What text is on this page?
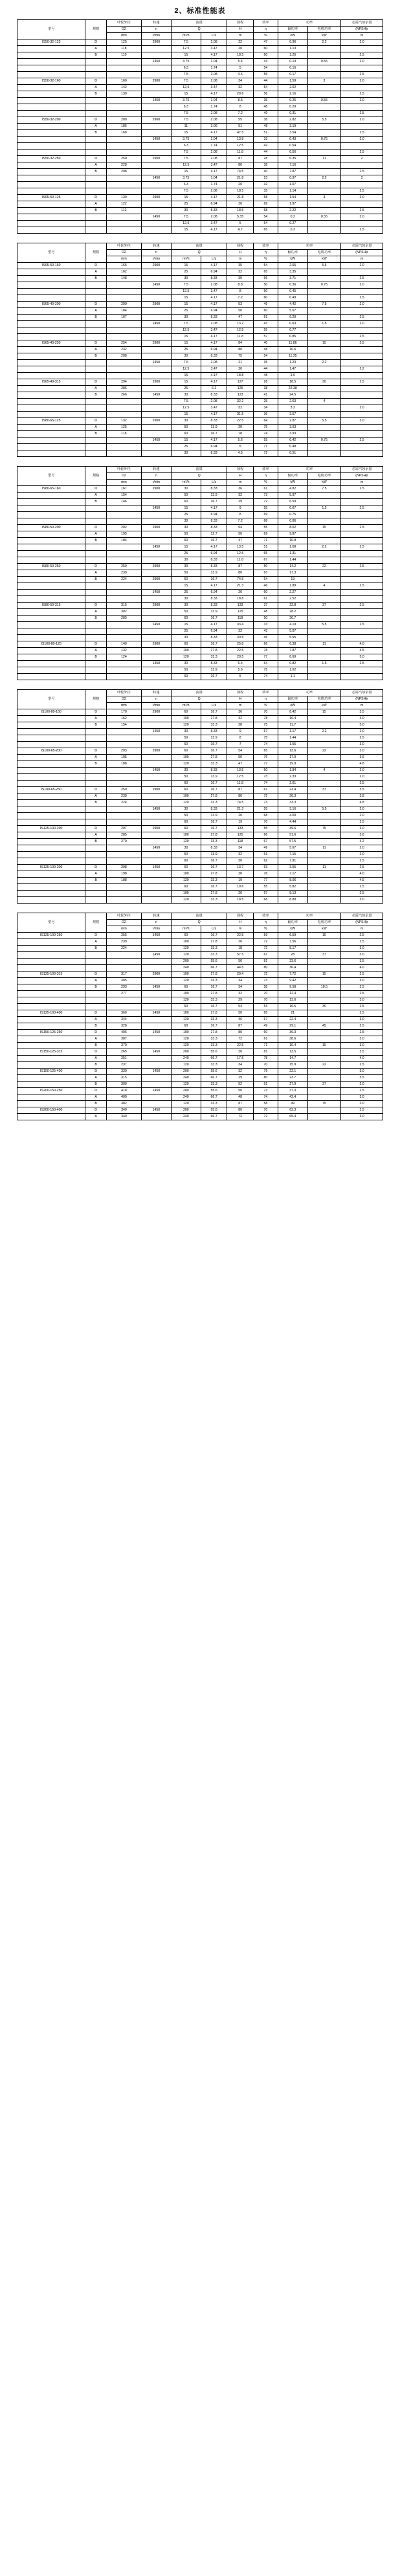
2、标准性能表
型号	规格	叶轮外径	转速	流量		扬程	效率	功率		必需汽蚀余量
		D2	n	Q		H	η	轴功率	电机功率	(NPSH)r
		mm	r/min	m³/h	L/s	m	%	kW	kW	m
IS50-32-125	D	125	2900	7.5	2.08	22	47	0.96	2.2	2.0
	A	118		12.5	3.47	20	60	1.13		
	B	110		15	4.17	18.5	60	1.26		2.5
			1450	3.75	1.04	5.4	43	0.13	0.55	2.0
				6.3	1.74	5	54	0.16		
				7.5	2.08	4.6	55	0.17		2.5
IS50-32-160	D	160	2900	7.5	2.08	34	44	1.59	3	2.0
	A	142		12.5	3.47	32	54	2.02		
	B	130		15	4.17	29.6	56	2.16		2.5
			1450	3.75	1.04	8.5	35	0.25	0.55	2.0
				6.3	1.74	8	48	0.29		
				7.5	2.08	7.2	49	0.31		2.5
IS50-32-200	D	200	2900	7.5	2.08	55	38	2.82	5.5	2.0
	A	186		11	3.06	51	48	3.19		
	B	168		15	4.17	47.5	51	3.54		2.5
			1450	3.75	1.04	13.8	33	0.43	0.75	2.0
				6.3	1.74	12.5	42	0.54		
				7.5	2.08	11.8	44	0.56		2.5
IS50-32-250	D	250	2900	7.5	2.08	87	28	6.35	11	2
	A	228		12.5	3.47	80	38	7.16		
	B	208		15	4.17	74.5	40	7.87		2.5
			1450	3.75	1.04	21.8	23	0.97	2.2	2
				6.3	1.74	20	32	1.07		
				7.5	2.08	18.5	35	1.14		2.5
IS65-50-125	D	130	2900	15	4.17	21.8	58	1.54	3	2.0
	A	122		25	6.94	20	69	1.97		
	B	112		30	8.33	18.5	68	2.22		2.5
			1450	7.5	2.08	5.35	54	0.2	0.55	2.0
				12.5	3.47	5	64	0.27		
				15	4.17	4.7	65	0.3		2.5
型号	规格	叶轮外径	转速	流量		扬程	效率	功率		必需汽蚀余量
		D2	n	Q		H	η	轴功率	电机功率	(NPSH)r
		mm	r/min	m³/h	L/s	m	%	kW	kW	m
IS65-50-160	D	165	2900	15	4.17	35	54	2.65	5.5	2.0
	A	162		25	6.94	32	65	3.35		
	B	148		30	8.33	30	66	3.71		2.5
			1450	7.5	2.08	8.8	50	0.36	0.75	2.0
				12.5	3.47	8	60	0.45		
				15	4.17	7.2	60	0.49		2.5
IS65-40-200	D	200	2900	15	4.17	53	49	4.42	7.5	2.0
	A	184		25	6.94	50	60	5.67		
	B	167		30	8.33	47	61	6.29		2.5
			1450	7.5	2.08	13.2	43	0.63	1.5	2.0
				12.5	3.47	12.5	55	0.77		
				15	4.17	11.8	57	0.85		2.5
IS65-40-250	D	254	2900	15	4.17	84	40	11.86	15	2.5
	A	232		25	6.94	80	48	10.6		
	B	208		30	8.33	75	54	11.35		
			1450	7.5	2.08	21	35	1.23	2.2	
				12.5	3.47	20	44	1.47		2.2
				15	4.17	18.8	48	1.6		
IS65-40-315	D	294	2900	15	4.17	127	28	18.5	30	2.5
	A	286		25	6.2	125	38	22.38		
	B	266	1450	30	8.33	123	41	24.5		
				7.5	2.08	32.2	25	2.63	4	
				12.5	3.47	32	34	3.2		2.0
				15	4.17	31.5	36	3.57		
IS80-65-125	D	132	2900	30	8.33	22.5	64	2.87	5.5	3.0
	A	125		50	13.9	20	75	3.63		
	B	118		60	16.7	18	74	3.93		
			1450	15	4.17	5.6	55	0.42	0.75	2.5
				25	6.94	5	71	0.48		
				30	8.33	4.5	72	0.51		
型号	规格	叶轮外径	转速	流量		扬程	效率	功率		必需汽蚀余量
		D2	n	Q		H	η	轴功率	电机功率	(NPSH)r
		mm	r/min	m³/h	L/s	m	%	kW	kW	m
IS80-65-160	D	167	2900	30	8.33	36	61	4.82	7.5	2.5
	A	154		50	13.9	32	73	5.97		
	B	146		60	16.7	29	72	6.59		
			1450	15	4.17	9	55	0.67	1.5	2.5
				25	6.94	8	69	0.75		
				30	8.33	7.2	68	0.86		
IS80-50-200	D	202	2900	30	8.33	54	55	8.02	15	2.5
	A	195		50	12.7	50	69	9.87		
	B	184		60	16.7	47	71	10.8		
			1450	15	4.17	13.5	51	1.08	2.2	2.5
				25	6.94	12.5	65	1.31		
				30	8.33	11.8	67	1.44		
IS80-50-250	D	250	2900	30	8.33	87	50	14.2	22	2.5
	A	239		50	13.9	80	63	17.3		
	B	224	2900	60	16.7	74.5	64	19		
				15	4.17	21.3	46	1.89	4	2.5
			1450	25	6.94	20	60	2.27		
				30	8.33	18.8	61	2.52		
IS80-50-315	D	315	2900	30	8.33	133	37	22.8	37	2.5
	A	302		50	13.9	125	48	28.2		
	B	285		60	16.7	118	50	30.7		
			1450	15	4.17	33.4	33	4.19	5.5	2.5
				25	6.94	32	43	5.07		
				30	8.33	30.5	45	5.55		
IS100-80-125	D	140	2900	60	16.7	25.8	66	6.38	11	4.0
	A	132		100	27.8	22.5	78	7.87		4.5
	B	124		120	33.3	20.5	77	8.69		5.0
			1450	30	8.33	6.4	64	0.82	1.5	2.5
				50	13.9	5.6	75	1.02		
				60	16.7	5	74	1.1		
型号	规格	叶轮外径	转速	流量		扬程	效率	功率		必需汽蚀余量
		D2	n	Q		H	η	轴功率	电机功率	(NPSH)r
		mm	r/min	m³/h	L/s	m	%	kW	kW	m
IS100-80-160	D	170	2900	60	16.7	36	70	8.42	15	3.5
	A	162		100	27.8	32	78	10.4		4.0
	B	154		120	33.3	28	75	11.7		5.0
			1450	30	8.33	9	67	1.17	2.2	2.0
				50	13.9	8	75	1.44		2.5
				60	16.7	7	74	1.55		3.0
IS100-65-200	D	203	2900	60	16.7	54	65	13.6	22	3.0
	A	195		100	27.8	50	76	17.9		3.6
	B	188		120	33.3	47	77	19.9		4.8
			1450	30	8.33	13.5	60	1.84	4	2.0
				50	13.9	12.5	73	2.33		2.0
				60	16.7	11.8	74	2.61		2.5
IS100-65-250	D	250	2900	60	16.7	87	61	23.4	37	3.5
	A	239		100	27.8	80	72	30.3		3.8
	B	224		120	33.3	74.5	73	33.3		4.8
			1450	30	8.33	21.3	55	3.16	5.5	2.0
				50	13.9	20	68	4.00		2.0
				60	16.7	19	70	4.44		2.5
IS125-100-200	D	297	2900	60	16.7	133	55	39.6	75	3.0
	A	285		100	27.8	125	66	51.6		3.6
	B	270		120	33.3	118	67	57.5		4.2
			1450	30	8.33	34	49	5.67	11	2.0
				50	13.9	32	61	7.15		2.0
				60	16.7	30	62	7.91		2.5
IS125-100-200	D	208	1450	60	16.7	13.7	63	3.55	11	2.5
	A	198		100	27.8	20	76	7.17		4.0
	B	188		120	33.3	19	77	8.06		4.5
				60	16.7	19.6	55	5.82		2.5
				100	27.8	20	67	8.13		2.5
				120	33.3	18.5	68	8.89		3.0
型号	规格	叶轮外径	转速	流量		扬程	效率	功率		必需汽蚀余量
		D2	n	Q		H	η	轴功率	电机功率	(NPSH)r
		mm	r/min	m³/h	L/s	m	%	kW	kW	m
IS125-100-250	D	255	1450	60	16.7	22.5	59	6.59	15	2.5
	A	239		100	27.8	20	72	7.56		2.5
	B	224		120	33.3	18	72	8.17		3.0
			1450	120	33.3	57.5	67	28	37	3.0
				200	55.6	50	81	33.6		3.5
				240	66.7	44.5	80	36.4		4.0
IS125-100-315	D	317	2900	100	27.8	20.4	72	7.72	15	2.5
	A	305		120	33.3	34	73	9.42		3.0
	B	293	1450	60	16.7	34	58	9.58	18.5	2.5
		277		100	27.8	32	70	12.4		2.5
				120	33.3	29	70	13.6		3.0
				60	16.7	54	53	16.6	30	2.5
IS125-100-400	D	360	1450	100	27.8	50	65	21		2.5
	A	344		120	33.3	46	67	22.4		3.0
	B	328		60	16.7	87	49	29.1	45	2.5
IS150-125-250	D	405	1450	100	27.8	80	60	36.3		2.5
	A	387		120	33.3	72	61	38.6		3.0
	B	370		120	33.3	22.5	71	10.4	15	3.0
IS150-125-315	D	265	1450	200	55.6	20	81	13.5		3.5
	A	251		240	66.7	17.5	78	14.7		4.0
	B	237		120	33.3	34	70	15.9	22	2.5
IS150-125-400	D	330	1450	200	55.6	32	79	22.1		3.0
	A	315		240	66.7	29	80	23.7		3.5
	B	300		120	33.3	52	61	27.9	37	2.0
IS200-150-250	D	418	1450	200	55.6	50	73	37.3		2.5
	A	400		240	66.7	48	74	42.4		3.0
	B	382		120	33.3	87	58	49	75	2.0
IS200-150-400	D	340	1450	200	55.6	80	70	62.3		2.5
	A	340		240	66.7	72	72	65.4		3.0
